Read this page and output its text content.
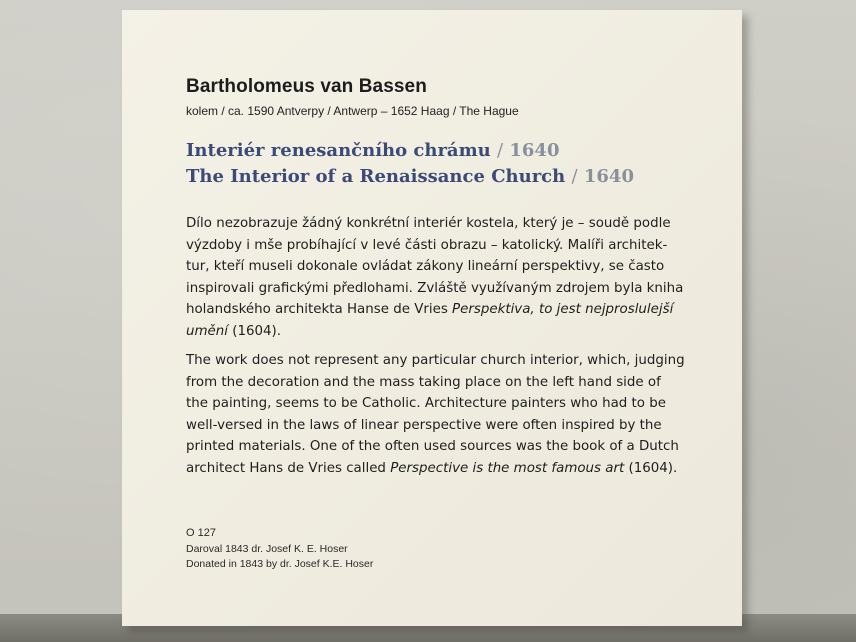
Bartholomeus van Bassen
kolem / ca. 1590 Antverpy / Antwerp – 1652 Haag / The Hague
Interiér renesančního chrámu / 1640
The Interior of a Renaissance Church / 1640
Dílo nezobrazuje žádný konkrétní interiér kostela, který je – soudě podle
výzdoby i mše probíhající v levé části obrazu – katolický. Malíři architek-
tur, kteří museli dokonale ovládat zákony lineární perspektivy, se často
inspirovali grafickými předlohami. Zvláště využívaným zdrojem byla kniha
holandského architekta Hanse de Vries Perspektiva, to jest nejproslulejší
umění (1604).
The work does not represent any particular church interior, which, judging
from the decoration and the mass taking place on the left hand side of
the painting, seems to be Catholic. Architecture painters who had to be
well-versed in the laws of linear perspective were often inspired by the
printed materials. One of the often used sources was the book of a Dutch
architect Hans de Vries called Perspective is the most famous art (1604).
O 127
Daroval 1843 dr. Josef K. E. Hoser
Donated in 1843 by dr. Josef K.E. Hoser
